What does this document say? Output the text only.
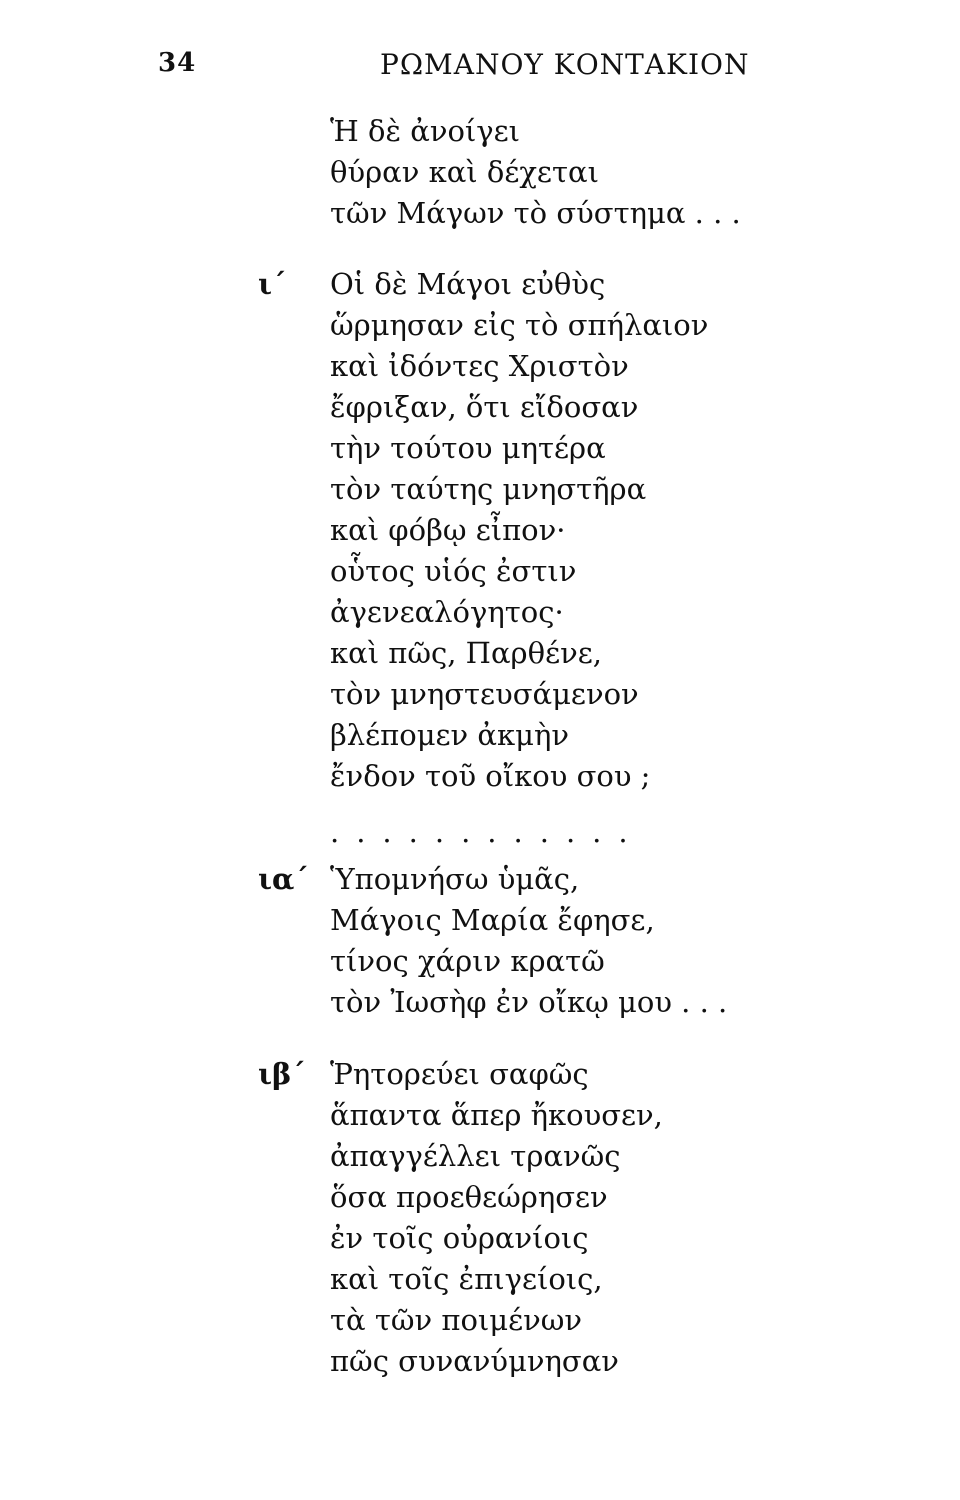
34	ΡΩΜΑΝΟΥ ΚΟΝΤΑΚΙΟΝ
Ἡ δὲ ἀνοίγει
θύραν καὶ δέχεται
τῶν Μάγων τὸ σύστημα . . .
ι΄ Οἱ δὲ Μάγοι εὐθὺς
ὥρμησαν εἰς τὸ σπήλαιον
καὶ ἰδόντες Χριστὸν
ἔφριξαν, ὅτι εἴδοσαν
τὴν τούτου μητέρα
τὸν ταύτης μνηστῆρα
καὶ φόβῳ εἶπον·
οὗτος υἱός ἐστιν
ἀγενεαλόγητος·
καὶ πῶς, Παρθένε,
τὸν μνηστευσάμενον
βλέπομεν ἀκμὴν
ἔνδον τοῦ οἴκου σου ;
............
ια΄ Ὑπομνήσω ὑμᾶς,
Μάγοις Μαρία ἔφησε,
τίνος χάριν κρατῶ
τὸν Ἰωσὴφ ἐν οἴκῳ μου . . .
ιβ΄ Ῥητορεύει σαφῶς
ἅπαντα ἅπερ ἤκουσεν,
ἀπαγγέλλει τρανῶς
ὅσα προεθεώρησεν
ἐν τοῖς οὐρανίοις
καὶ τοῖς ἐπιγείοις,
τὰ τῶν ποιμένων
πῶς συνανύμνησαν
